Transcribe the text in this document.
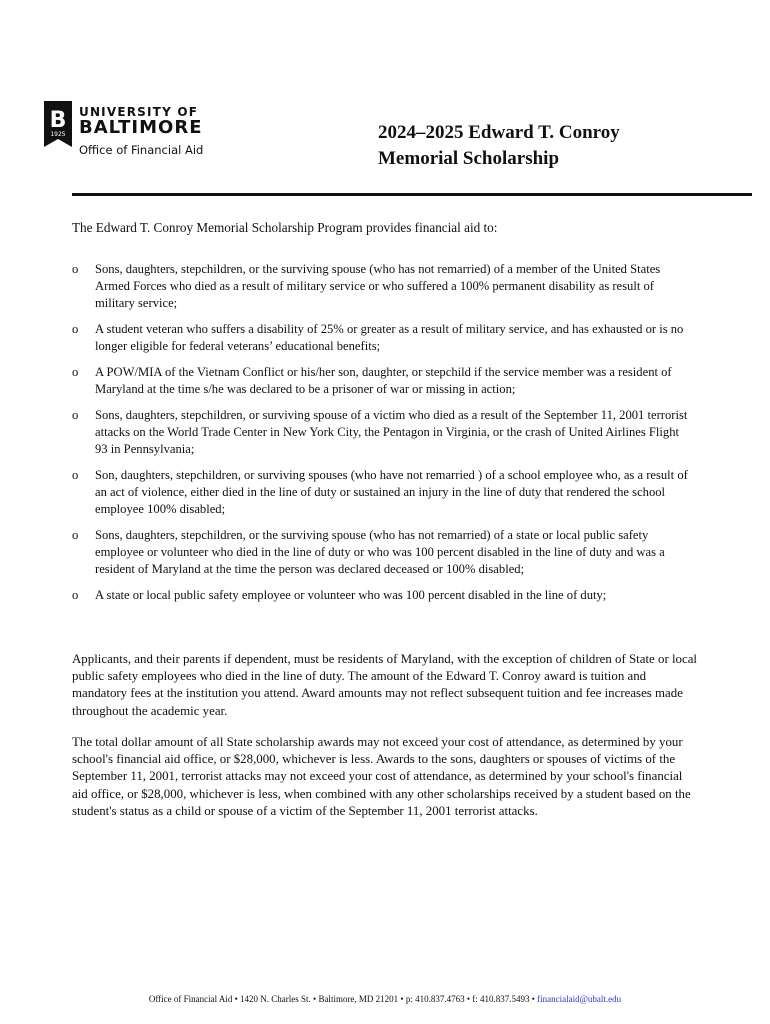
B
1925
UNIVERSITY OF
BALTIMORE
Office of Financial Aid
2024–2025 Edward T. Conroy Memorial Scholarship

The Edward T. Conroy Memorial Scholarship Program provides financial aid to:

o Sons, daughters, stepchildren, or the surviving spouse (who has not remarried) of a member of the United States Armed Forces who died as a result of military service or who suffered a 100% permanent disability as result of military service;
o A student veteran who suffers a disability of 25% or greater as a result of military service, and has exhausted or is no longer eligible for federal veterans’ educational benefits;
o A POW/MIA of the Vietnam Conflict or his/her son, daughter, or stepchild if the service member was a resident of Maryland at the time s/he was declared to be a prisoner of war or missing in action;
o Sons, daughters, stepchildren, or surviving spouse of a victim who died as a result of the September 11, 2001 terrorist attacks on the World Trade Center in New York City, the Pentagon in Virginia, or the crash of United Airlines Flight 93 in Pennsylvania;
o Son, daughters, stepchildren, or surviving spouses (who have not remarried ) of a school employee who, as a result of an act of violence, either died in the line of duty or sustained an injury in the line of duty that rendered the school employee 100% disabled;
o Sons, daughters, stepchildren, or the surviving spouse (who has not remarried) of a state or local public safety employee or volunteer who died in the line of duty or who was 100 percent disabled in the line of duty and was a resident of Maryland at the time the person was declared deceased or 100% disabled;
o A state or local public safety employee or volunteer who was 100 percent disabled in the line of duty;

Applicants, and their parents if dependent, must be residents of Maryland, with the exception of children of State or local public safety employees who died in the line of duty. The amount of the Edward T. Conroy award is tuition and mandatory fees at the institution you attend. Award amounts may not reflect subsequent tuition and fee increases made throughout the academic year.

The total dollar amount of all State scholarship awards may not exceed your cost of attendance, as determined by your school's financial aid office, or $28,000, whichever is less. Awards to the sons, daughters or spouses of victims of the September 11, 2001, terrorist attacks may not exceed your cost of attendance, as determined by your school's financial aid office, or $28,000, whichever is less, when combined with any other scholarships received by a student based on the student's status as a child or spouse of a victim of the September 11, 2001 terrorist attacks.

Office of Financial Aid • 1420 N. Charles St. • Baltimore, MD 21201 • p: 410.837.4763 • f: 410.837.5493 • financialaid@ubalt.edu
